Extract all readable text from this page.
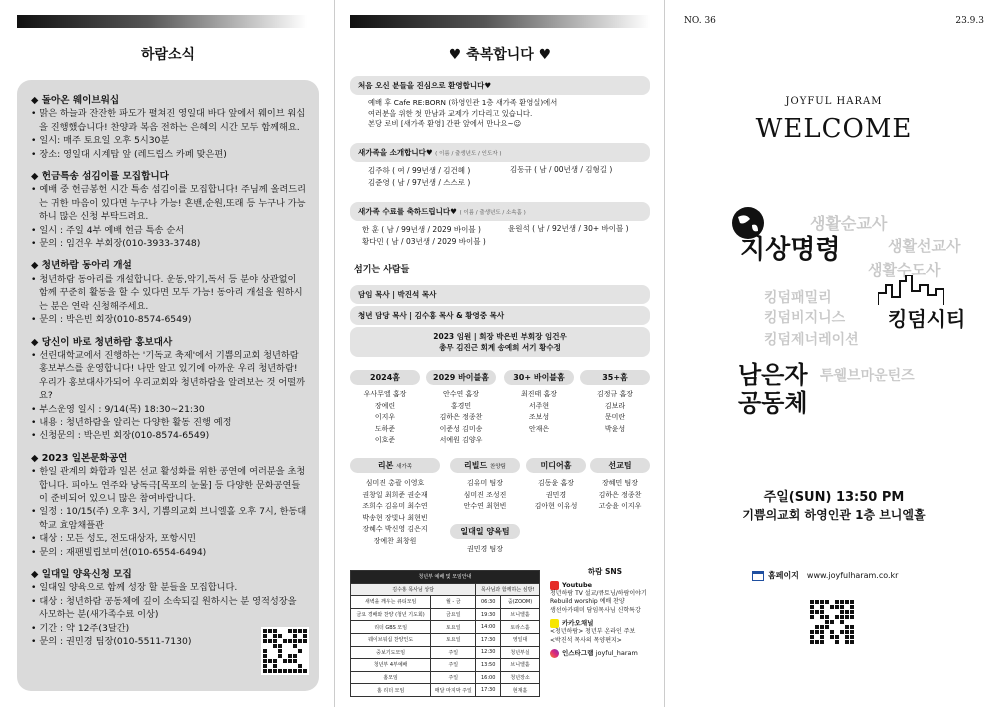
하람소식
◆ 돌아온 웨이브워십
• 맑은 하늘과 잔잔한 파도가 펼쳐진 영일대 바다 앞에서 웨이브 워십을 진행했습니다! 찬양과 복음 전하는 은혜의 시간 모두 함께해요.
• 일시: 매주 토요일 오후 5시30분
• 장소: 영일대 시계탑 앞 (레드립스 카페 맞은편)
◆ 헌금특송 섬김이를 모집합니다
• 예배 중 헌금봉헌 시간 특송 섬김이를 모집합니다! 주님께 올려드리는 귀한 마음이 있다면 누구나 가능! 혼밴,순원,또래 등 누구나 가능하니 많은 신청 부탁드려요.
• 일시 : 주일 4부 예배 헌금 특송 순서
• 문의 : 임건우 부회장(010-3933-3748)
◆ 청년하람 동아리 개설
• 청년하람 동아리를 개설합니다. 운동,악기,독서 등 분야 상관없이 함께 꾸준히 활동을 할 수 있다면 모두 가능! 동아리 개설을 원하시는 분은 연락 신청해주세요.
• 문의 : 박은빈 회장(010-8574-6549)
◆ 당신이 바로 청년하람 홍보대사
• 선린대학교에서 진행하는 '기독교 축제'에서 기쁨의교회 청년하람 홍보부스를 운영합니다! 나만 알고 있기에 아까운 우리 청년하람! 우리가 홍보대사가되어 우리교회와 청년하람을 알려보는 것 어떨까요?
• 부스운영 일시 : 9/14(목) 18:30~21:30
• 내용 : 청년하람을 알리는 다양한 활동 진행 예정
• 신청문의 : 박은빈 회장(010-8574-6549)
◆ 2023 일본문화공연
• 한일 관계의 화합과 일본 선교 활성화를 위한 공연에 여러분을 초청합니다. 피아노 연주와 낭독극[목포의 눈물] 등 다양한 문화공연들이 준비되어 있으니 많은 참여바랍니다.
• 일정 : 10/15(주) 오후 3시, 기쁨의교회 브니엘홀 오후 7시, 한동대학교 효암채플관
• 대상 : 모든 성도, 전도대상자, 포항시민
• 문의 : 재팬빌립보미션(010-6554-6494)
◆ 일대일 양육신청 모집
• 일대일 양육으로 함께 성장 할 분들을 모집합니다.
• 대상 : 청년하람 공동체에 깊이 소속되길 원하시는 분 영적성장을 사모하는 분(새가족수료 이상)
• 기간 : 약 12주(3달간)
• 문의 : 권민경 팀장(010-5511-7130)
♥ 축복합니다 ♥
처음 오신 분들을 진심으로 환영합니다♥
예배 후 Cafe RE:BORN (하영인관 1층 새가족 환영실)에서
여러분을 위한 첫 만남과 교제가 기다리고 있습니다.
본당 로비 [새가족 환영] 간판 앞에서 만나요~☺
새가족을 소개합니다♥ ( 이름 / 출생년도 / 인도자 )
김주하 ( 여 / 99년생 / 김건혜 )
김준영 ( 남 / 97년생 / 스스로 )
김동규 ( 남 / 00년생 / 김형길 )
새가족 수료를 축하드립니다♥ ( 이름 / 출생년도 / 소속홈 )
한 훈 ( 남 / 99년생 / 2029 바이블 )
황다민 ( 남 / 03년생 / 2029 바이블 )
윤원석 ( 남 / 92년생 / 30+ 바이블 )
섬기는 사람들
담임 목사 | 박진석 목사
청년 담당 목사 | 김수홍 목사 & 황영중 목사
2023 임원 | 회장 박은빈 부회장 임건우
총무 김진근 회계 송예희 서기 황수정
2024홈
우사무엘 홈장
장예린
이지우
도하준
이호준
2029 바이블홈
안수연 홈장
홍경민
김하은 정종찬
이준성 김미송
서예원 김양우
30+ 바이블홈
최진태 홈장
서주현
조보성
안재은
35+홈
김정규 홈장
김보라
문미란
박윤성
리본 새가족
심미진 총괄 이영호
권창일 최희준 권순재
조희수 김유미 최수연
박송현 장빛나 최현빈
장혜수 박신영 김은지
장예찬 최창원
리빌드 찬양팀
김유미 팀장
심미진 조성진
안수연 최현빈
미디어홈
김동윤 홈장
권민경
김아현 이유성
선교팀
장혜민 팀장
김하은 정종찬
고승윤 이지우
일대일 양육팀
권민경 팀장
청년부 예배 및 모임안내			
김수홍 목사님 상담		목사님과 함께하는 심방!	
새벽을 깨우는 큐티모임	월 - 금	06:30	줌(ZOOM)
금요 경배와 찬양 (청년 기도회)	금요일	19:30	브니엘홀
리더 GBS 모임	토요일	14:00	토라스홀
웨이브워십 찬양인도	토요일	17:30	영일대
중보기도모임	주일	12:30	청년부실
청년부 4부예배	주일	13:50	브니엘홀
홈모임	주일	16:00	청년장소
홈 리더 모임	매달 마지막 주일	17:30	현재홀
하람 SNS
Youtube
청년하람 TV 설교/큐토닝/하람이야기
Rebuild worship 예배 찬양
생선아카데미 담임목사님 신학특강
카카오채널
<청년하람> 청년부 온라인 주보
<박진석 목사의 목양편지>
인스타그램
joyful_haram
NO. 36	23.9.3
JOYFUL HARAM
WELCOME
생활순교사
지상명령	생활선교사
생활수도사
킹덤패밀리
킹덤비지니스 킹덤시티
킹덤제너레이션
남은자
공동체
투웰브마운틴즈
주일(SUN) 13:50 PM
기쁨의교회 하영인관 1층 브니엘홀
홈페이지 www.joyfulharam.co.kr
